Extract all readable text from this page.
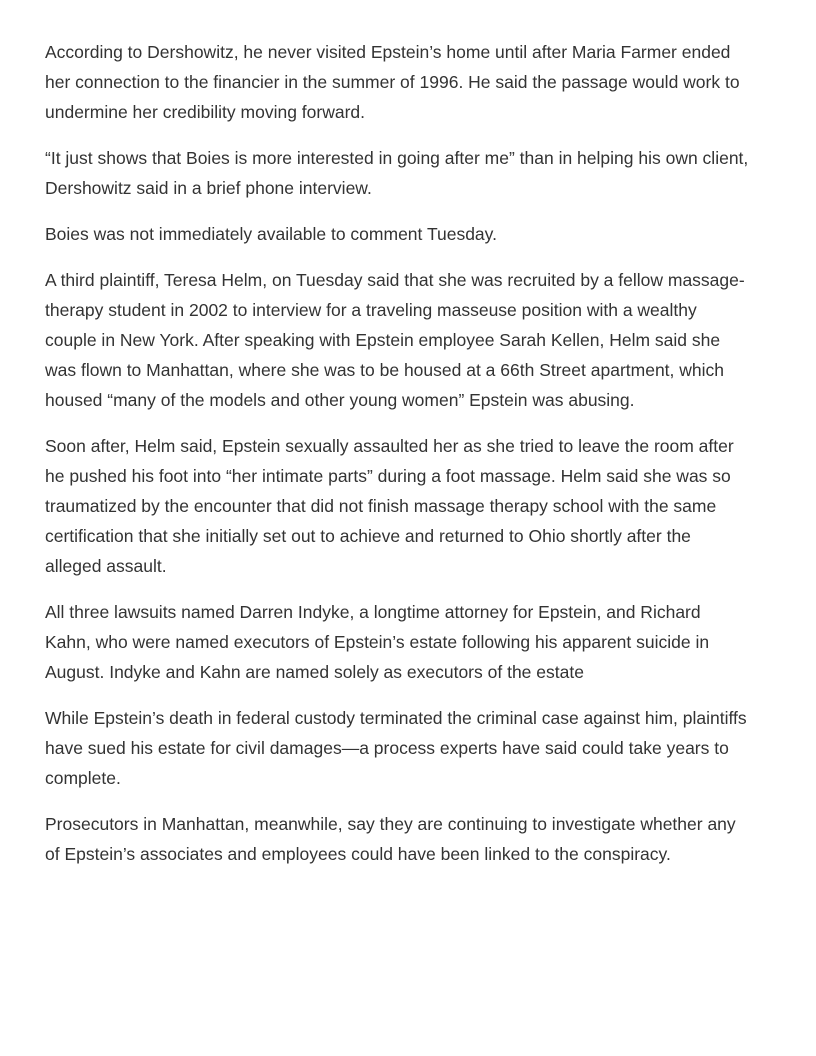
According to Dershowitz, he never visited Epstein’s home until after Maria Farmer ended
her connection to the financier in the summer of 1996. He said the passage would work to
undermine her credibility moving forward.

“It just shows that Boies is more interested in going after me” than in helping his own client,
Dershowitz said in a brief phone interview.

Boies was not immediately available to comment Tuesday.

A third plaintiff, Teresa Helm, on Tuesday said that she was recruited by a fellow massage-
therapy student in 2002 to interview for a traveling masseuse position with a wealthy
couple in New York. After speaking with Epstein employee Sarah Kellen, Helm said she
was flown to Manhattan, where she was to be housed at a 66th Street apartment, which
housed “many of the models and other young women” Epstein was abusing.

Soon after, Helm said, Epstein sexually assaulted her as she tried to leave the room after
he pushed his foot into “her intimate parts” during a foot massage. Helm said she was so
traumatized by the encounter that did not finish massage therapy school with the same
certification that she initially set out to achieve and returned to Ohio shortly after the
alleged assault.

All three lawsuits named Darren Indyke, a longtime attorney for Epstein, and Richard
Kahn, who were named executors of Epstein’s estate following his apparent suicide in
August. Indyke and Kahn are named solely as executors of the estate

While Epstein’s death in federal custody terminated the criminal case against him, plaintiffs
have sued his estate for civil damages—a process experts have said could take years to
complete.

Prosecutors in Manhattan, meanwhile, say they are continuing to investigate whether any
of Epstein’s associates and employees could have been linked to the conspiracy.
